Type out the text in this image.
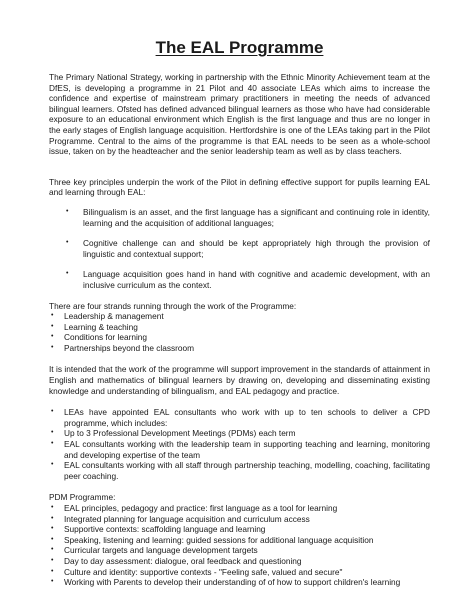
The EAL Programme

The Primary National Strategy, working in partnership with the Ethnic Minority Achievement team at the DfES, is developing a programme in 21 Pilot and 40 associate LEAs which aims to increase the confidence and expertise of mainstream primary practitioners in meeting the needs of advanced bilingual learners. Ofsted has defined advanced bilingual learners as those who have had considerable exposure to an educational environment which English is the first language and thus are no longer in the early stages of English language acquisition. Hertfordshire is one of the LEAs taking part in the Pilot Programme. Central to the aims of the programme is that EAL needs to be seen as a whole-school issue, taken on by the headteacher and the senior leadership team as well as by class teachers.

Three key principles underpin the work of the Pilot in defining effective support for pupils learning EAL and learning through EAL:

• Bilingualism is an asset, and the first language has a significant and continuing role in identity, learning and the acquisition of additional languages;
• Cognitive challenge can and should be kept appropriately high through the provision of linguistic and contextual support;
• Language acquisition goes hand in hand with cognitive and academic development, with an inclusive curriculum as the context.

There are four strands running through the work of the Programme:

• Leadership & management
• Learning & teaching
• Conditions for learning
• Partnerships beyond the classroom

It is intended that the work of the programme will support improvement in the standards of attainment in English and mathematics of bilingual learners by drawing on, developing and disseminating existing knowledge and understanding of bilingualism, and EAL pedagogy and practice.

• LEAs have appointed EAL consultants who work with up to ten schools to deliver a CPD programme, which includes:
• Up to 3 Professional Development Meetings (PDMs) each term
• EAL consultants working with the leadership team in supporting teaching and learning, monitoring and developing expertise of the team
• EAL consultants working with all staff through partnership teaching, modelling, coaching, facilitating peer coaching.

PDM Programme:

• EAL principles, pedagogy and practice: first language as a tool for learning
• Integrated planning for language acquisition and curriculum access
• Supportive contexts: scaffolding language and learning
• Speaking, listening and learning: guided sessions for additional language acquisition
• Curricular targets and language development targets
• Day to day assessment: dialogue, oral feedback and questioning
• Culture and identity: supportive contexts - "Feeling safe, valued and secure"
• Working with Parents to develop their understanding of of how to support children's learning
